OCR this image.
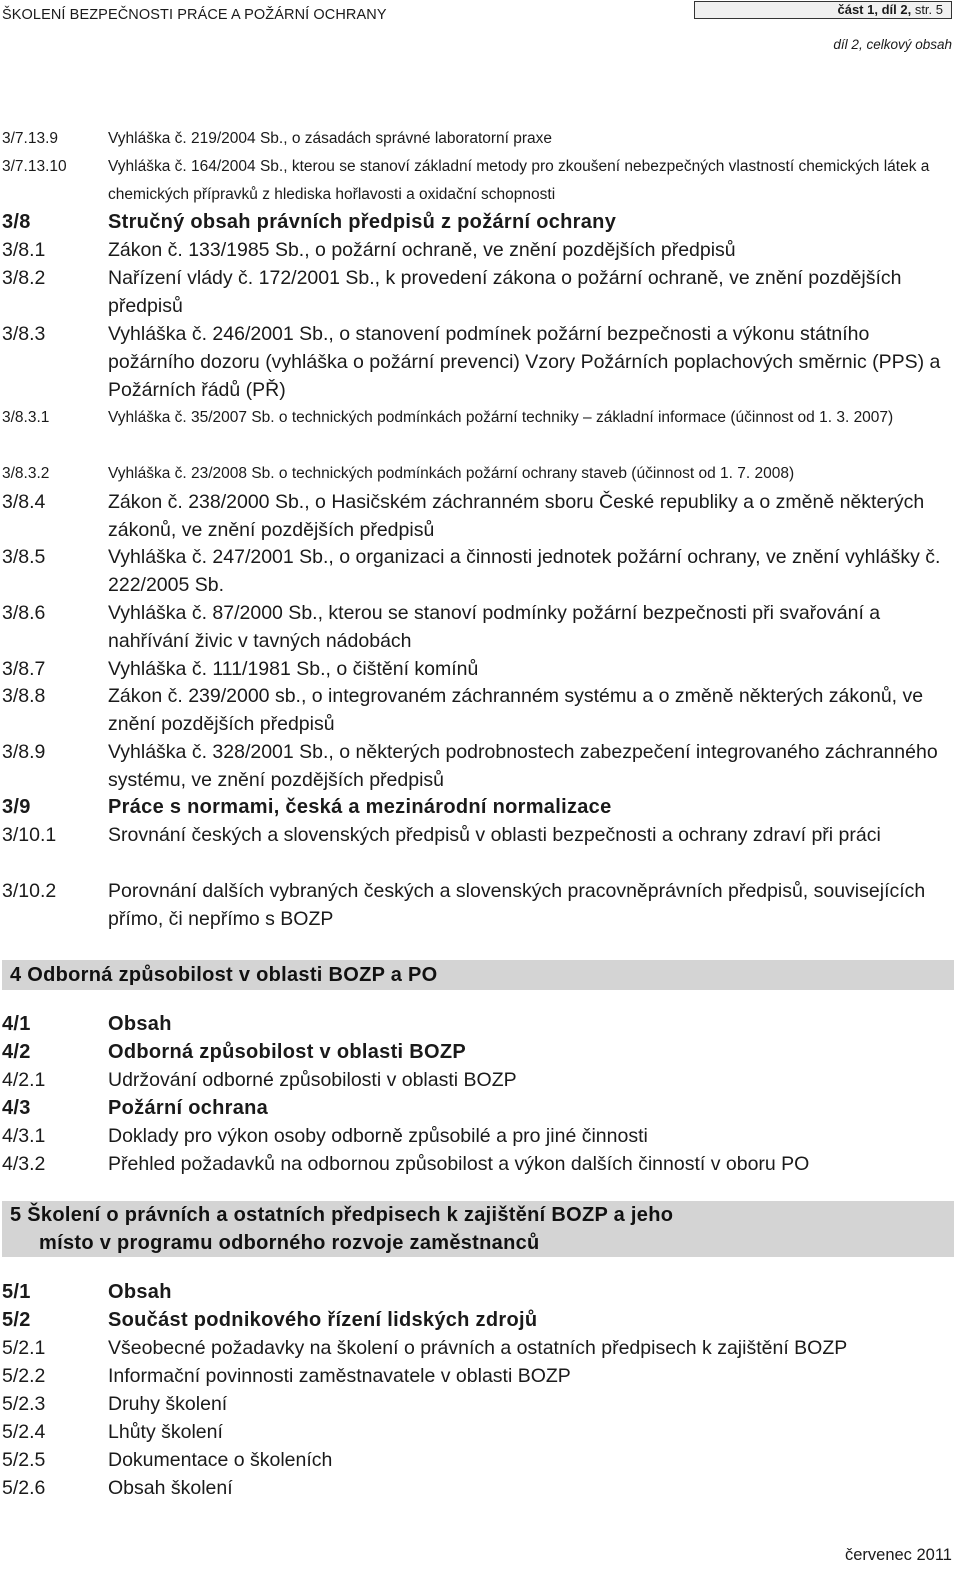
ŠKOLENÍ BEZPEČNOSTI PRÁCE A POŽÁRNÍ OCHRANY	část 1, díl 2, str. 5
díl 2, celkový obsah
3/7.13.9	Vyhláška č. 219/2004 Sb., o zásadách správné laboratorní praxe
3/7.13.10	Vyhláška č. 164/2004 Sb., kterou se stanoví základní metody pro zkoušení nebezpečných vlastností chemických látek a chemických přípravků z hlediska hořlavosti a oxidační schopnosti
3/8	Stručný obsah právních předpisů z požární ochrany
3/8.1	Zákon č. 133/1985 Sb., o požární ochraně, ve znění pozdějších předpisů
3/8.2	Nařízení vlády č. 172/2001 Sb., k provedení zákona o požární ochraně, ve znění pozdějších předpisů
3/8.3	Vyhláška č. 246/2001 Sb., o stanovení podmínek požární bezpečnosti a výkonu státního požárního dozoru (vyhláška o požární prevenci) Vzory Požárních poplachových směrnic (PPS) a Požárních řádů (PŘ)
3/8.3.1	Vyhláška č. 35/2007 Sb. o technických podmínkách požární techniky – základní informace (účinnost od 1. 3. 2007)
3/8.3.2	Vyhláška č. 23/2008 Sb. o technických podmínkách požární ochrany staveb (účinnost od 1. 7. 2008)
3/8.4	Zákon č. 238/2000 Sb., o Hasičském záchranném sboru České republiky a o změně některých zákonů, ve znění pozdějších předpisů
3/8.5	Vyhláška č. 247/2001 Sb., o organizaci a činnosti jednotek požární ochrany, ve znění vyhlášky č. 222/2005 Sb.
3/8.6	Vyhláška č. 87/2000 Sb., kterou se stanoví podmínky požární bezpečnosti při svařování a nahřívání živic v tavných nádobách
3/8.7	Vyhláška č. 111/1981 Sb., o čištění komínů
3/8.8	Zákon č. 239/2000 sb., o integrovaném záchranném systému a o změně některých zákonů, ve znění pozdějších předpisů
3/8.9	Vyhláška č. 328/2001 Sb., o některých podrobnostech zabezpečení integrovaného záchranného systému, ve znění pozdějších předpisů
3/9	Práce s normami, česká a mezinárodní normalizace
3/10.1	Srovnání českých a slovenských předpisů v oblasti bezpečnosti a ochrany zdraví při práci
3/10.2	Porovnání dalších vybraných českých a slovenských pracovněprávních předpisů, souvisejících přímo, či nepřímo s BOZP
4 Odborná způsobilost v oblasti BOZP a PO
4/1	Obsah
4/2	Odborná způsobilost v oblasti BOZP
4/2.1	Udržování odborné způsobilosti v oblasti BOZP
4/3	Požární ochrana
4/3.1	Doklady pro výkon osoby odborně způsobilé a pro jiné činnosti
4/3.2	Přehled požadavků na odbornou způsobilost a výkon dalších činností v oboru PO
5 Školení o právních a ostatních předpisech k zajištění BOZP a jeho
místo v programu odborného rozvoje zaměstnanců
5/1	Obsah
5/2	Součást podnikového řízení lidských zdrojů
5/2.1	Všeobecné požadavky na školení o právních a ostatních předpisech k zajištění BOZP
5/2.2	Informační povinnosti zaměstnavatele v oblasti BOZP
5/2.3	Druhy školení
5/2.4	Lhůty školení
5/2.5	Dokumentace o školeních
5/2.6	Obsah školení
červenec 2011
